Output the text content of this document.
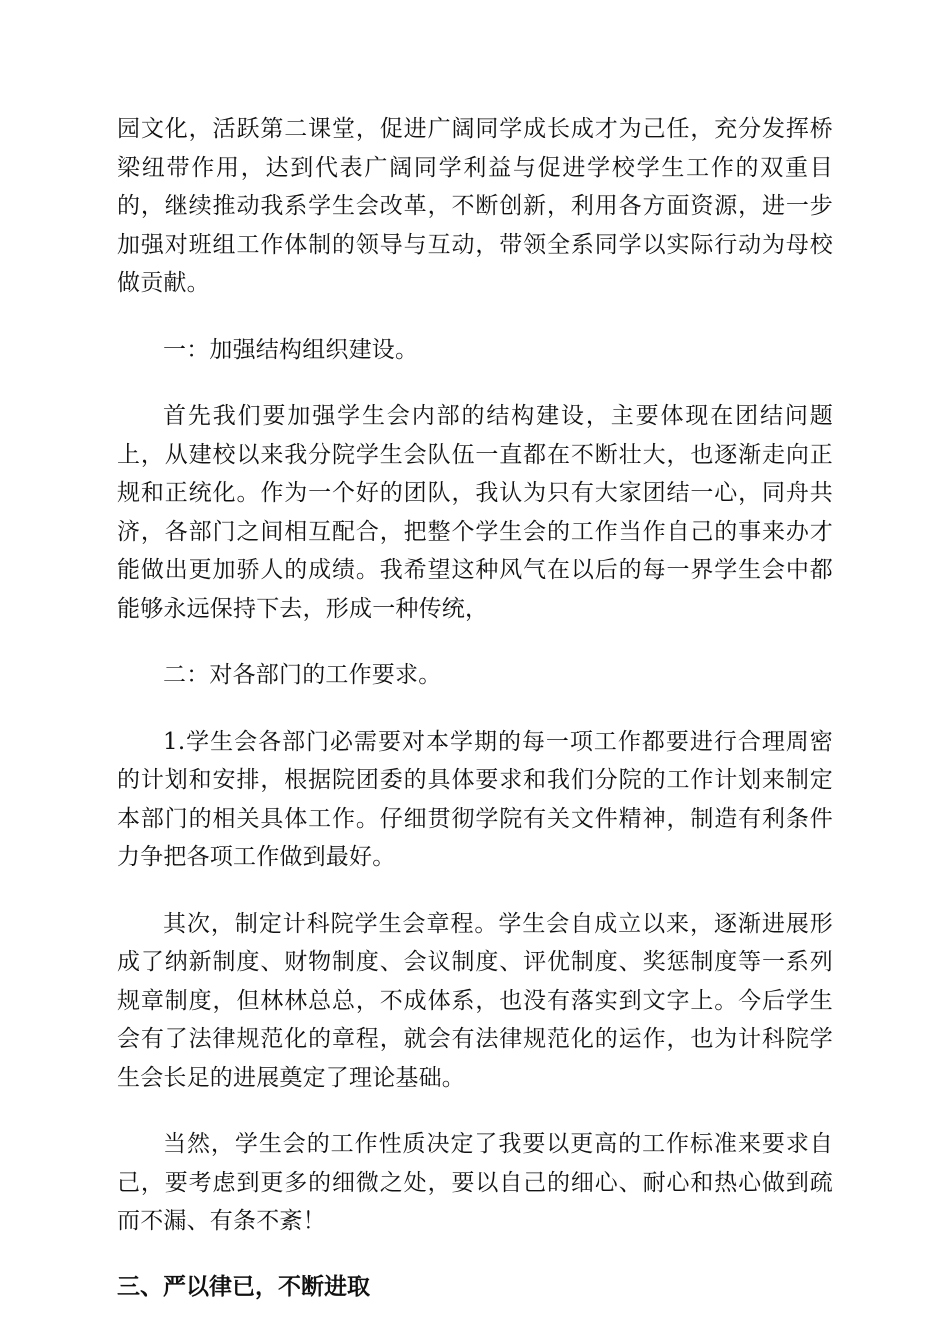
园文化，活跃第二课堂，促进广阔同学成长成才为己任，充分发挥桥梁纽带作用，达到代表广阔同学利益与促进学校学生工作的双重目的，继续推动我系学生会改革，不断创新，利用各方面资源，进一步加强对班组工作体制的领导与互动，带领全系同学以实际行动为母校做贡献。

一：加强结构组织建设。

首先我们要加强学生会内部的结构建设，主要体现在团结问题上，从建校以来我分院学生会队伍一直都在不断壮大，也逐渐走向正规和正统化。作为一个好的团队，我认为只有大家团结一心，同舟共济，各部门之间相互配合，把整个学生会的工作当作自己的事来办才能做出更加骄人的成绩。我希望这种风气在以后的每一界学生会中都能够永远保持下去，形成一种传统，

二：对各部门的工作要求。

1.学生会各部门必需要对本学期的每一项工作都要进行合理周密的计划和安排，根据院团委的具体要求和我们分院的工作计划来制定本部门的相关具体工作。仔细贯彻学院有关文件精神，制造有利条件力争把各项工作做到最好。

其次，制定计科院学生会章程。学生会自成立以来，逐渐进展形成了纳新制度、财物制度、会议制度、评优制度、奖惩制度等一系列规章制度，但林林总总，不成体系，也没有落实到文字上。今后学生会有了法律规范化的章程，就会有法律规范化的运作，也为计科院学生会长足的进展奠定了理论基础。

当然，学生会的工作性质决定了我要以更高的工作标准来要求自己，要考虑到更多的细微之处，要以自己的细心、耐心和热心做到疏而不漏、有条不紊！

三、严以律已，不断进取
